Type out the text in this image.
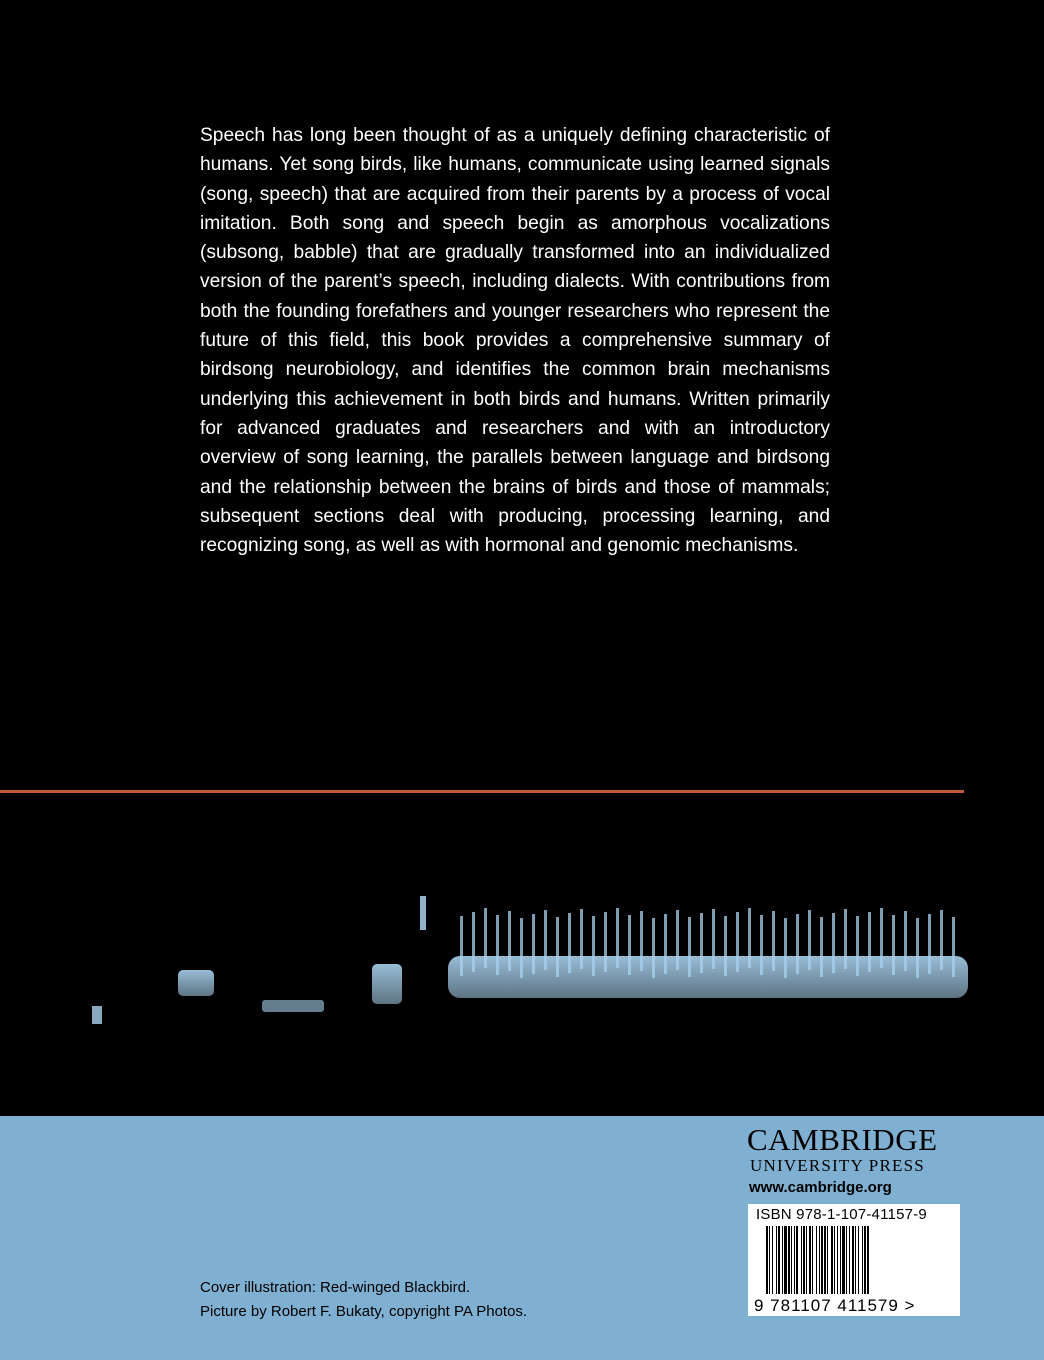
Speech has long been thought of as a uniquely defining characteristic of humans. Yet song birds, like humans, communicate using learned signals (song, speech) that are acquired from their parents by a process of vocal imitation. Both song and speech begin as amorphous vocalizations (subsong, babble) that are gradually transformed into an individualized version of the parent’s speech, including dialects. With contributions from both the founding forefathers and younger researchers who represent the future of this field, this book provides a comprehensive summary of birdsong neurobiology, and identifies the common brain mechanisms underlying this achievement in both birds and humans. Written primarily for advanced graduates and researchers and with an introductory overview of song learning, the parallels between language and birdsong and the relationship between the brains of birds and those of mammals; subsequent sections deal with producing, processing learning, and recognizing song, as well as with hormonal and genomic mechanisms.

CAMBRIDGE
UNIVERSITY PRESS
www.cambridge.org
ISBN 978-1-107-41157-9
9 781107 411579 >
Cover illustration: Red-winged Blackbird.
Picture by Robert F. Bukaty, copyright PA Photos.
